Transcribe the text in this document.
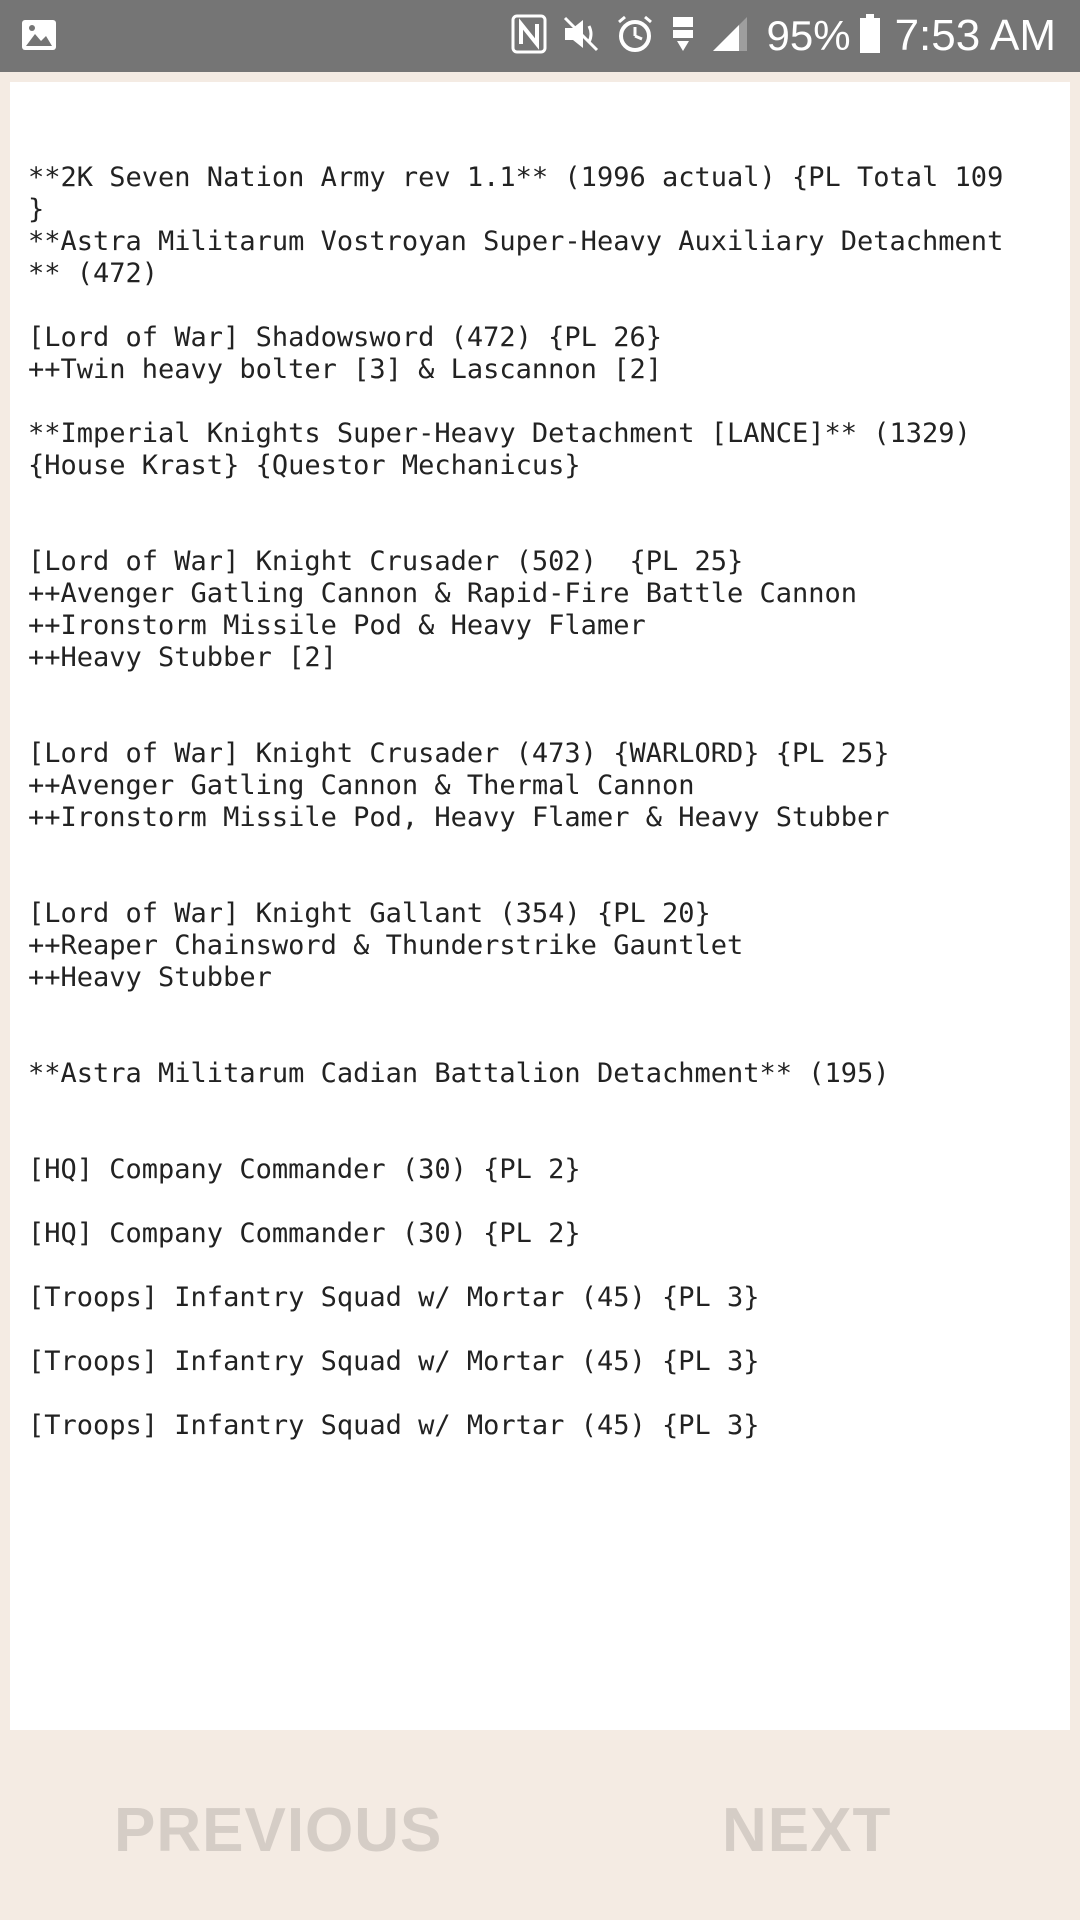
95% 7:53 AM
**2K Seven Nation Army rev 1.1** (1996 actual) {PL Total 109
}
**Astra Militarum Vostroyan Super-Heavy Auxiliary Detachment
** (472)
[Lord of War] Shadowsword (472) {PL 26}
++Twin heavy bolter [3] & Lascannon [2]
**Imperial Knights Super-Heavy Detachment [LANCE]** (1329)
{House Krast} {Questor Mechanicus}
[Lord of War] Knight Crusader (502)  {PL 25}
++Avenger Gatling Cannon & Rapid-Fire Battle Cannon
++Ironstorm Missile Pod & Heavy Flamer
++Heavy Stubber [2]
[Lord of War] Knight Crusader (473) {WARLORD} {PL 25}
++Avenger Gatling Cannon & Thermal Cannon
++Ironstorm Missile Pod, Heavy Flamer & Heavy Stubber
[Lord of War] Knight Gallant (354) {PL 20}
++Reaper Chainsword & Thunderstrike Gauntlet
++Heavy Stubber
**Astra Militarum Cadian Battalion Detachment** (195)
[HQ] Company Commander (30) {PL 2}
[HQ] Company Commander (30) {PL 2}
[Troops] Infantry Squad w/ Mortar (45) {PL 3}
[Troops] Infantry Squad w/ Mortar (45) {PL 3}
[Troops] Infantry Squad w/ Mortar (45) {PL 3}
PREVIOUS	NEXT
